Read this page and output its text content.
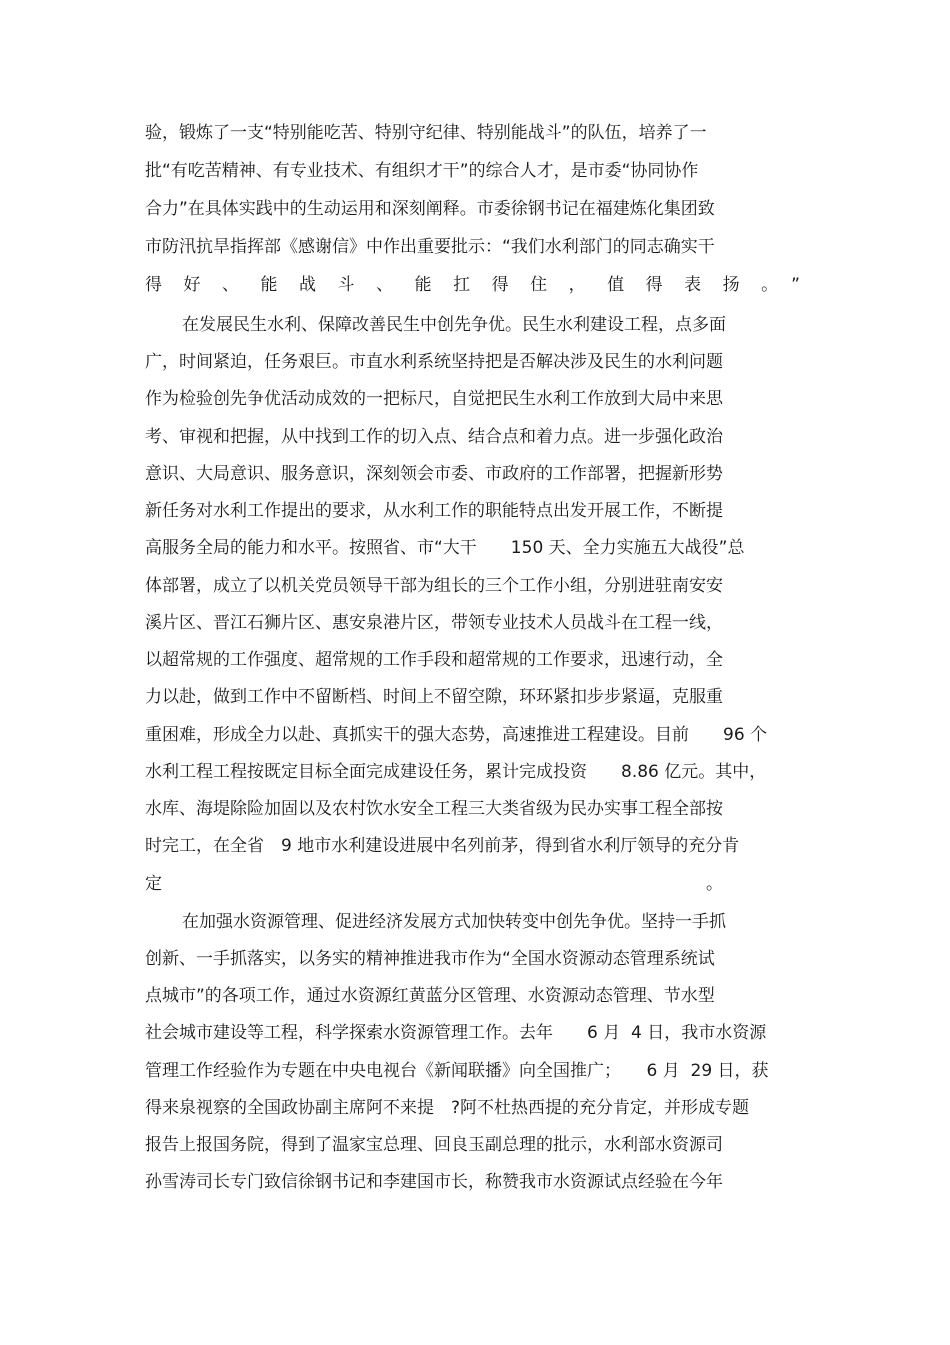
验，锻炼了一支“特别能吃苦、特别守纪律、特别能战斗”的队伍，培养了一
批“有吃苦精神、有专业技术、有组织才干”的综合人才，是市委“协同协作
合力”在具体实践中的生动运用和深刻阐释。市委徐钢书记在福建炼化集团致
市防汛抗旱指挥部《感谢信》中作出重要批示：“我们水利部门的同志确实干
得好、能战斗、能扛得住，值得表扬。”
在发展民生水利、保障改善民生中创先争优。民生水利建设工程，点多面
广，时间紧迫，任务艰巨。市直水利系统坚持把是否解决涉及民生的水利问题
作为检验创先争优活动成效的一把标尺，自觉把民生水利工作放到大局中来思
考、审视和把握，从中找到工作的切入点、结合点和着力点。进一步强化政治
意识、大局意识、服务意识，深刻领会市委、市政府的工作部署，把握新形势
新任务对水利工作提出的要求，从水利工作的职能特点出发开展工作，不断提
高服务全局的能力和水平。按照省、市“大干　　150 天、全力实施五大战役”总
体部署，成立了以机关党员领导干部为组长的三个工作小组，分别进驻南安安
溪片区、晋江石狮片区、惠安泉港片区，带领专业技术人员战斗在工程一线，
以超常规的工作强度、超常规的工作手段和超常规的工作要求，迅速行动，全
力以赴，做到工作中不留断档、时间上不留空隙，环环紧扣步步紧逼，克服重
重困难，形成全力以赴、真抓实干的强大态势，高速推进工程建设。目前　　96 个
水利工程工程按既定目标全面完成建设任务，累计完成投资　　8.86 亿元。其中，
水库、海堤除险加固以及农村饮水安全工程三大类省级为民办实事工程全部按
时完工，在全省　9 地市水利建设进展中名列前茅，得到省水利厅领导的充分肯
定　　　　　　　　　　　　　　　　　　　　　　　　　　　　　　　　。
在加强水资源管理、促进经济发展方式加快转变中创先争优。坚持一手抓
创新、一手抓落实，以务实的精神推进我市作为“全国水资源动态管理系统试
点城市”的各项工作，通过水资源红黄蓝分区管理、水资源动态管理、节水型
社会城市建设等工程，科学探索水资源管理工作。去年　　6 月  4 日，我市水资源
管理工作经验作为专题在中央电视台《新闻联播》向全国推广；　　6 月  29 日，获
得来泉视察的全国政协副主席阿不来提　?阿不杜热西提的充分肯定，并形成专题
报告上报国务院，得到了温家宝总理、回良玉副总理的批示，水利部水资源司
孙雪涛司长专门致信徐钢书记和李建国市长，称赞我市水资源试点经验在今年
